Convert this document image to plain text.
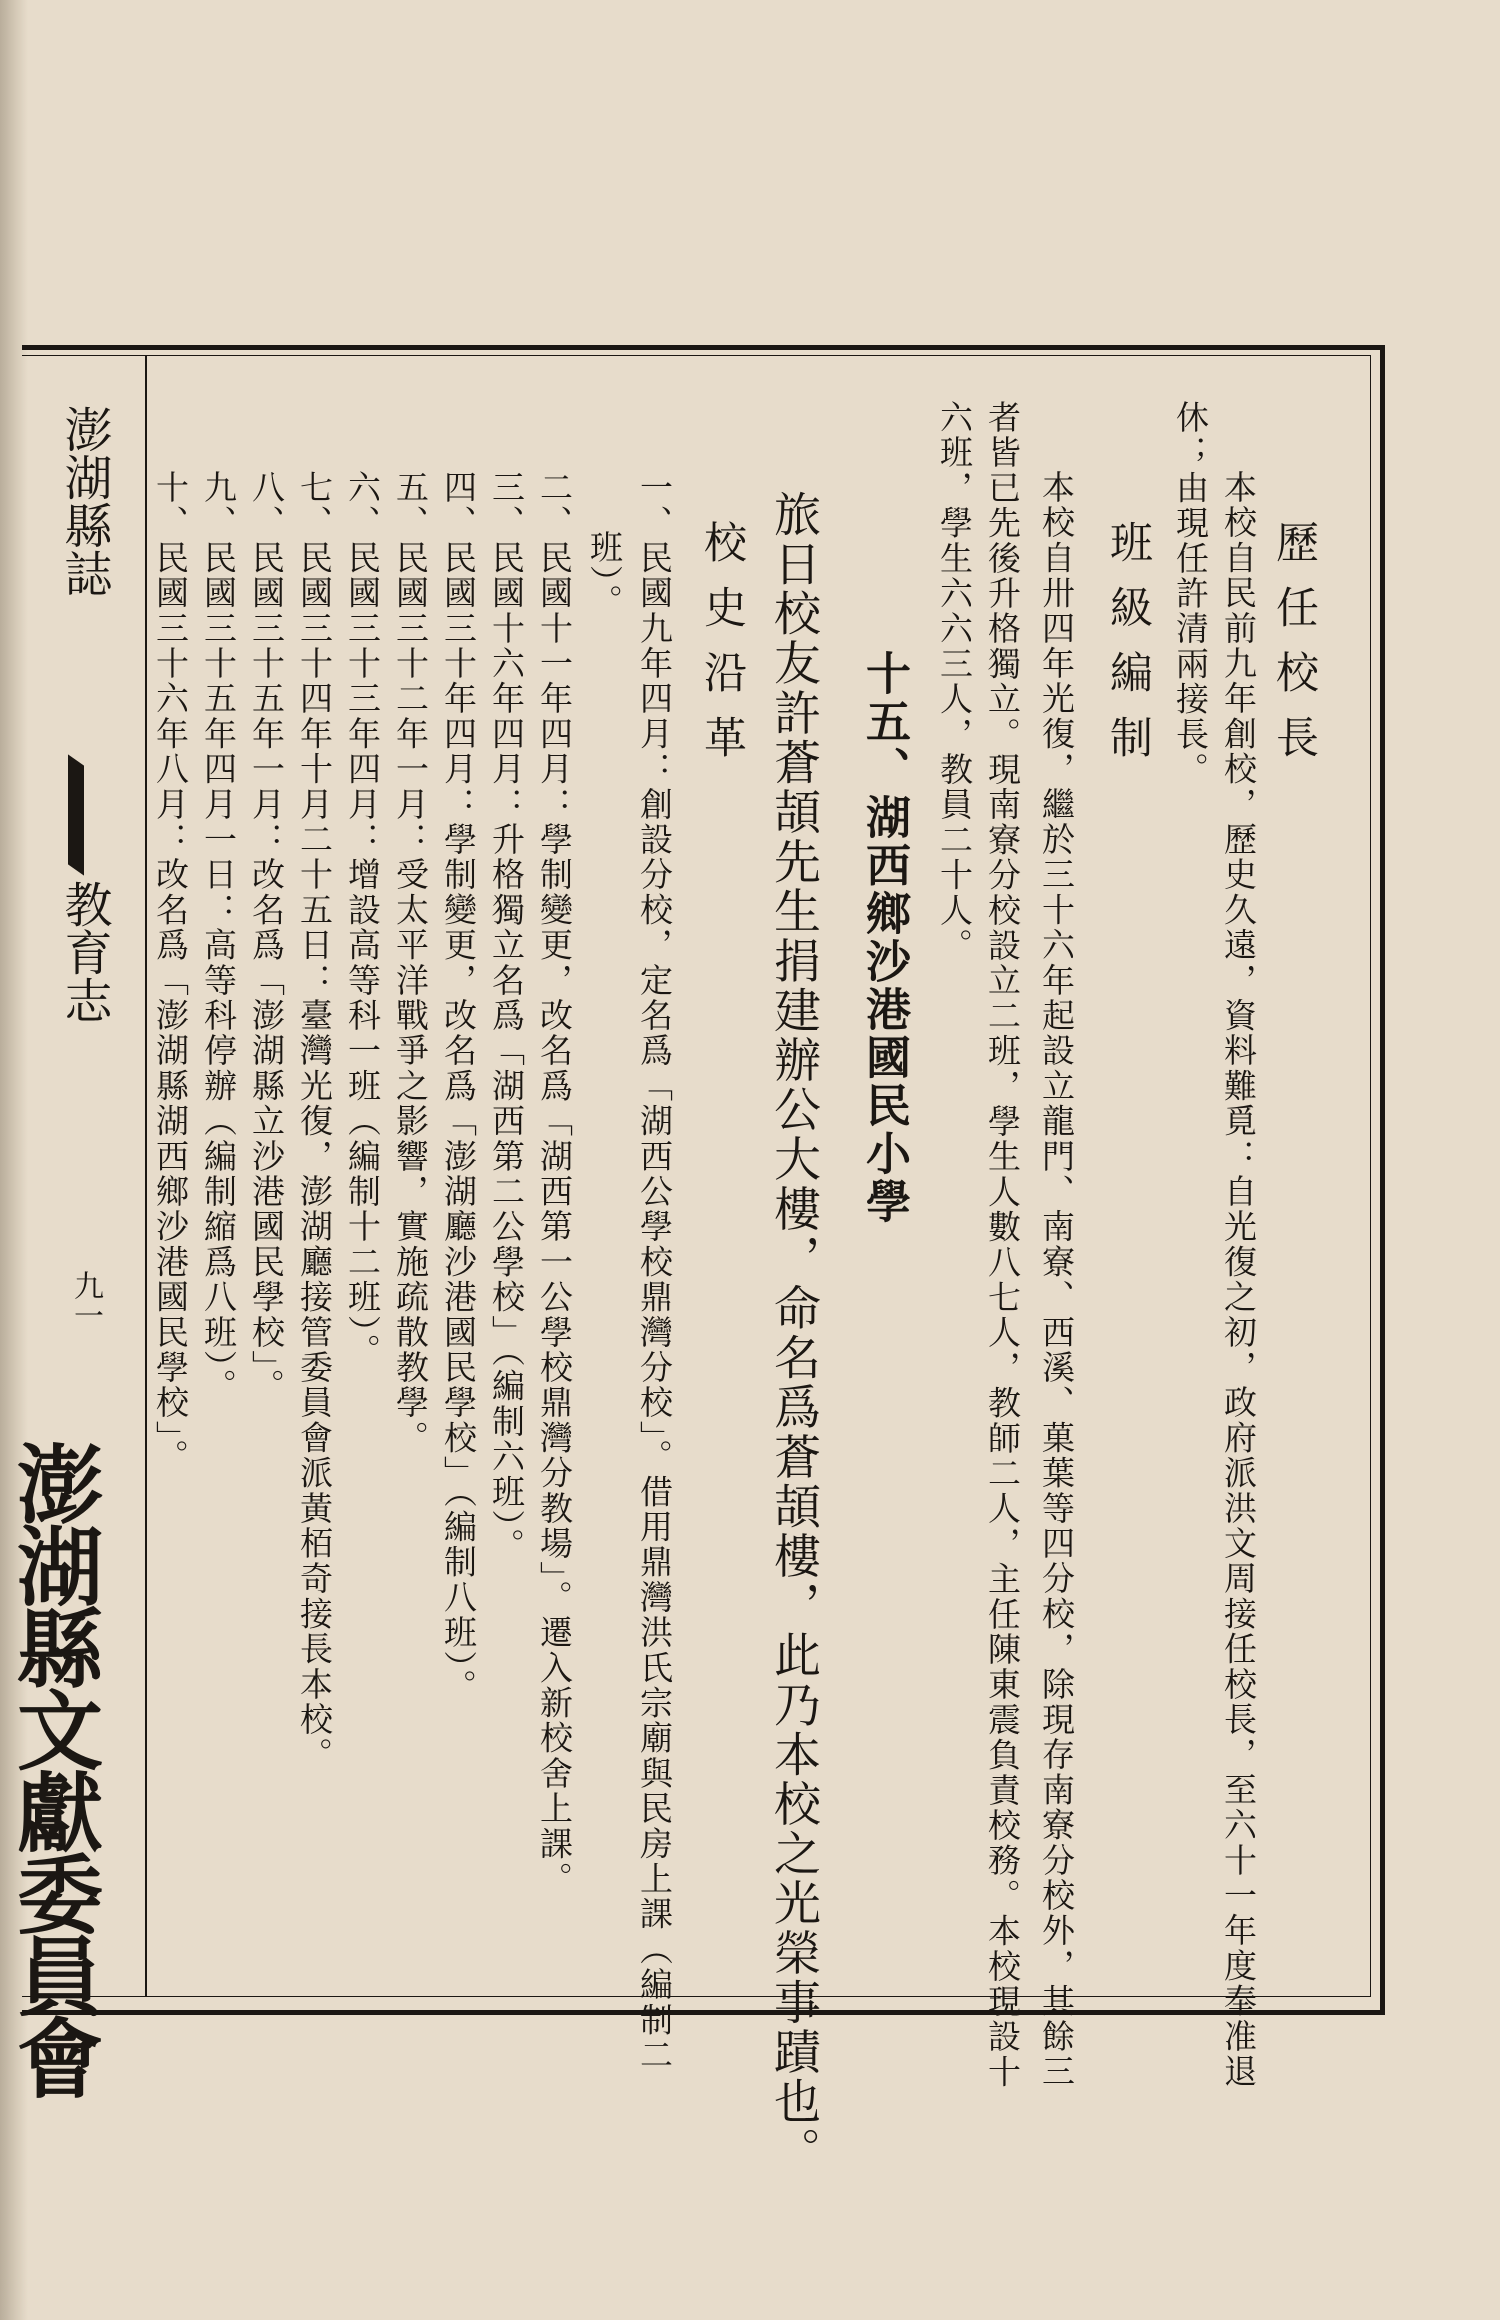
澎湖縣誌
教育志
九一
澎湖縣文獻委員會
歷任校長
本校自民前九年創校，歷史久遠，資料難覓：自光復之初，政府派洪文周接任校長，至六十一年度奉准退
休；由現任許清兩接長。
班級編制
本校自卅四年光復，繼於三十六年起設立龍門、南寮、西溪、菓葉等四分校，除現存南寮分校外，其餘三
者皆已先後升格獨立。現南寮分校設立二班，學生人數八七人，教師二人，主任陳東震負責校務。本校現設十
六班，學生六六三人，教員二十人。
十五、湖西鄉沙港國民小學
旅日校友許蒼頡先生捐建辦公大樓，命名爲蒼頡樓，此乃本校之光榮事蹟也。
校史沿革
一、民國九年四月：創設分校，定名爲「湖西公學校鼎灣分校」。借用鼎灣洪氏宗廟與民房上課（編制二
班）。
二、民國十一年四月：學制變更，改名爲「湖西第一公學校鼎灣分教場」。遷入新校舍上課。
三、民國十六年四月：升格獨立名爲「湖西第二公學校」（編制六班）。
四、民國三十年四月：學制變更，改名爲「澎湖廳沙港國民學校」（編制八班）。
五、民國三十二年一月：受太平洋戰爭之影響，實施疏散教學。
六、民國三十三年四月：增設高等科一班（編制十二班）。
七、民國三十四年十月二十五日：臺灣光復，澎湖廳接管委員會派黃栢奇接長本校。
八、民國三十五年一月：改名爲「澎湖縣立沙港國民學校」。
九、民國三十五年四月一日：高等科停辦（編制縮爲八班）。
十、民國三十六年八月：改名爲「澎湖縣湖西鄉沙港國民學校」。
